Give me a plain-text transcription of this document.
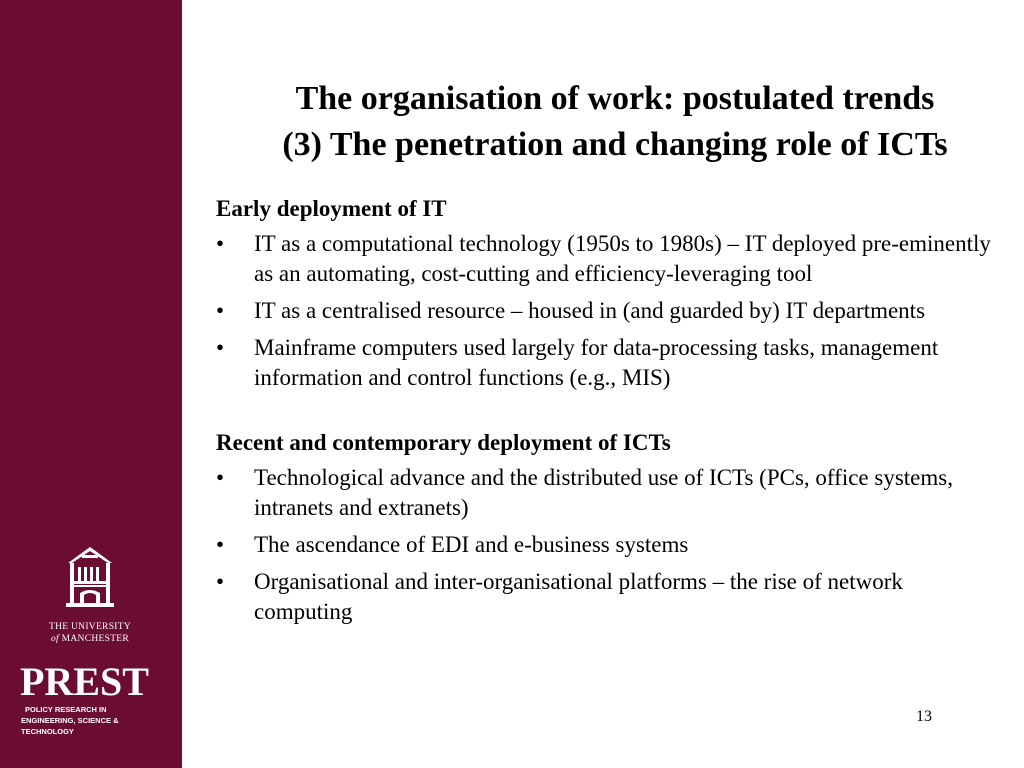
THE UNIVERSITY
of MANCHESTER
PREST
POLICY RESEARCH IN
ENGINEERING, SCIENCE & TECHNOLOGY
The organisation of work: postulated trends
(3) The penetration and changing role of ICTs
Early deployment of IT
• IT as a computational technology (1950s to 1980s) – IT deployed pre-eminently as an automating, cost-cutting and efficiency-leveraging tool
• IT as a centralised resource – housed in (and guarded by) IT departments
• Mainframe computers used largely for data-processing tasks, management information and control functions (e.g., MIS)
Recent and contemporary deployment of ICTs
• Technological advance and the distributed use of ICTs (PCs, office systems, intranets and extranets)
• The ascendance of EDI and e-business systems
• Organisational and inter-organisational platforms – the rise of network computing
13
